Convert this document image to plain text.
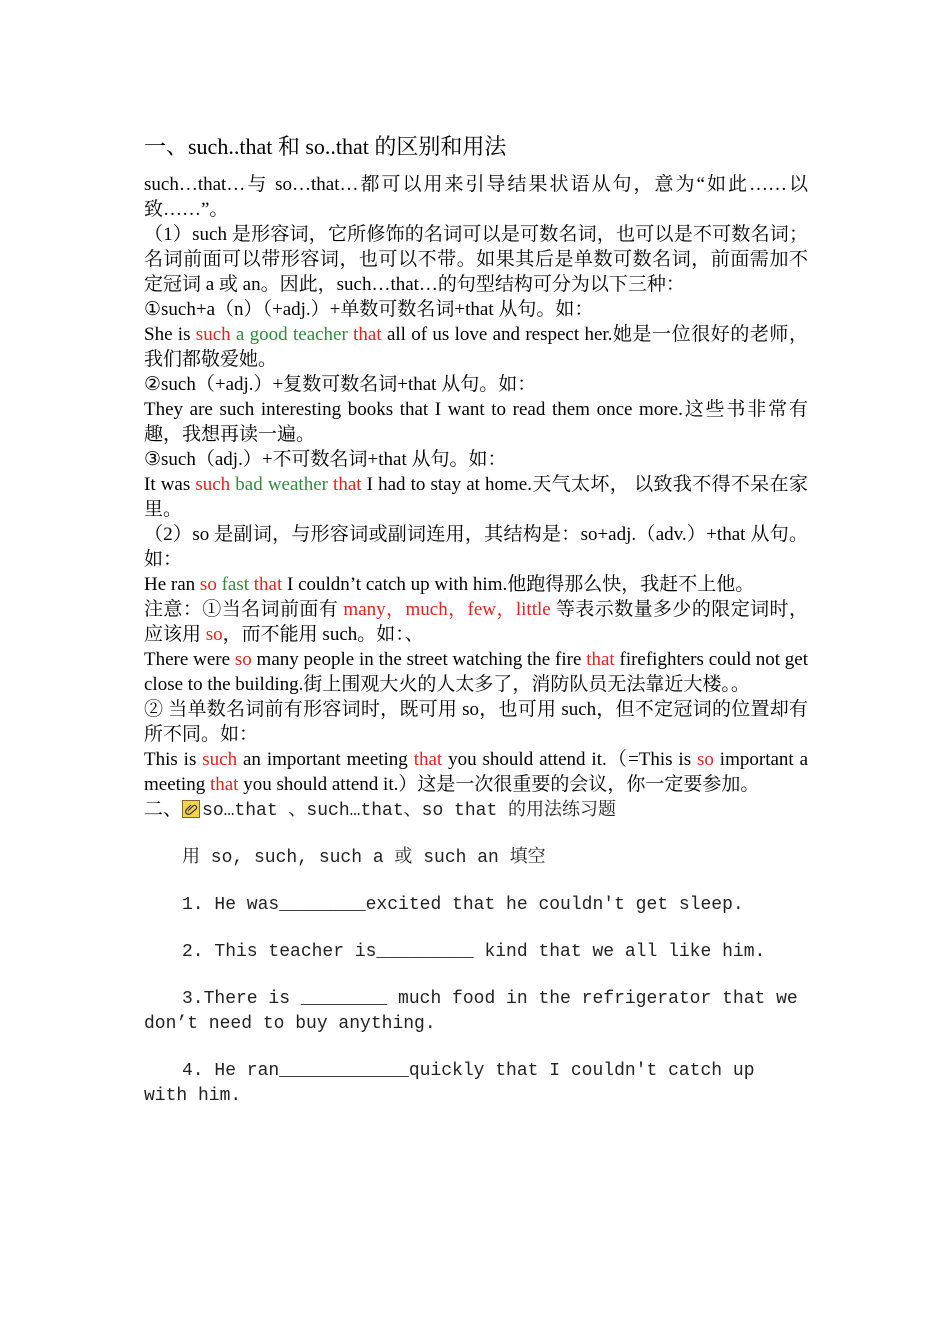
一、such..that 和 so..that 的区别和用法

such…that…与 so…that…都可以用来引导结果状语从句，意为“如此……以致……”。

（1）such 是形容词，它所修饰的名词可以是可数名词，也可以是不可数名词；名词前面可以带形容词，也可以不带。如果其后是单数可数名词，前面需加不定冠词 a 或 an。因此，such…that…的句型结构可分为以下三种：

①such+a（n）（+adj.）+单数可数名词+that 从句。如：

She is such a good teacher that all of us love and respect her.她是一位很好的老师，我们都敬爱她。

②such（+adj.）+复数可数名词+that 从句。如：

They are such interesting books that I want to read them once more.这些书非常有趣，我想再读一遍。

③such（adj.）+不可数名词+that 从句。如：

It was such bad weather that I had to stay at home.天气太坏， 以致我不得不呆在家里。

（2）so 是副词，与形容词或副词连用，其结构是：so+adj.（adv.）+that 从句。如：

He ran so fast that I couldn’t catch up with him.他跑得那么快，我赶不上他。

注意：①当名词前面有 many，much，few，little 等表示数量多少的限定词时，应该用 so，而不能用 such。如：、

There were so many people in the street watching the fire that firefighters could not get close to the building.街上围观大火的人太多了，消防队员无法靠近大楼。。

② 当单数名词前有形容词时，既可用 so，也可用 such，但不定冠词的位置却有所不同。如：

This is such an important meeting that you should attend it.（=This is so important a meeting that you should attend it.）这是一次很重要的会议，你一定要参加。

二、 so…that 、such…that、so that 的用法练习题

用 so, such, such a 或 such an 填空

1. He was________excited that he couldn't get sleep.

2. This teacher is_________ kind that we all like him.

3.There is ________ much food in the refrigerator that we don’t need to buy anything.

4. He ran____________quickly that I couldn't catch up with him.
